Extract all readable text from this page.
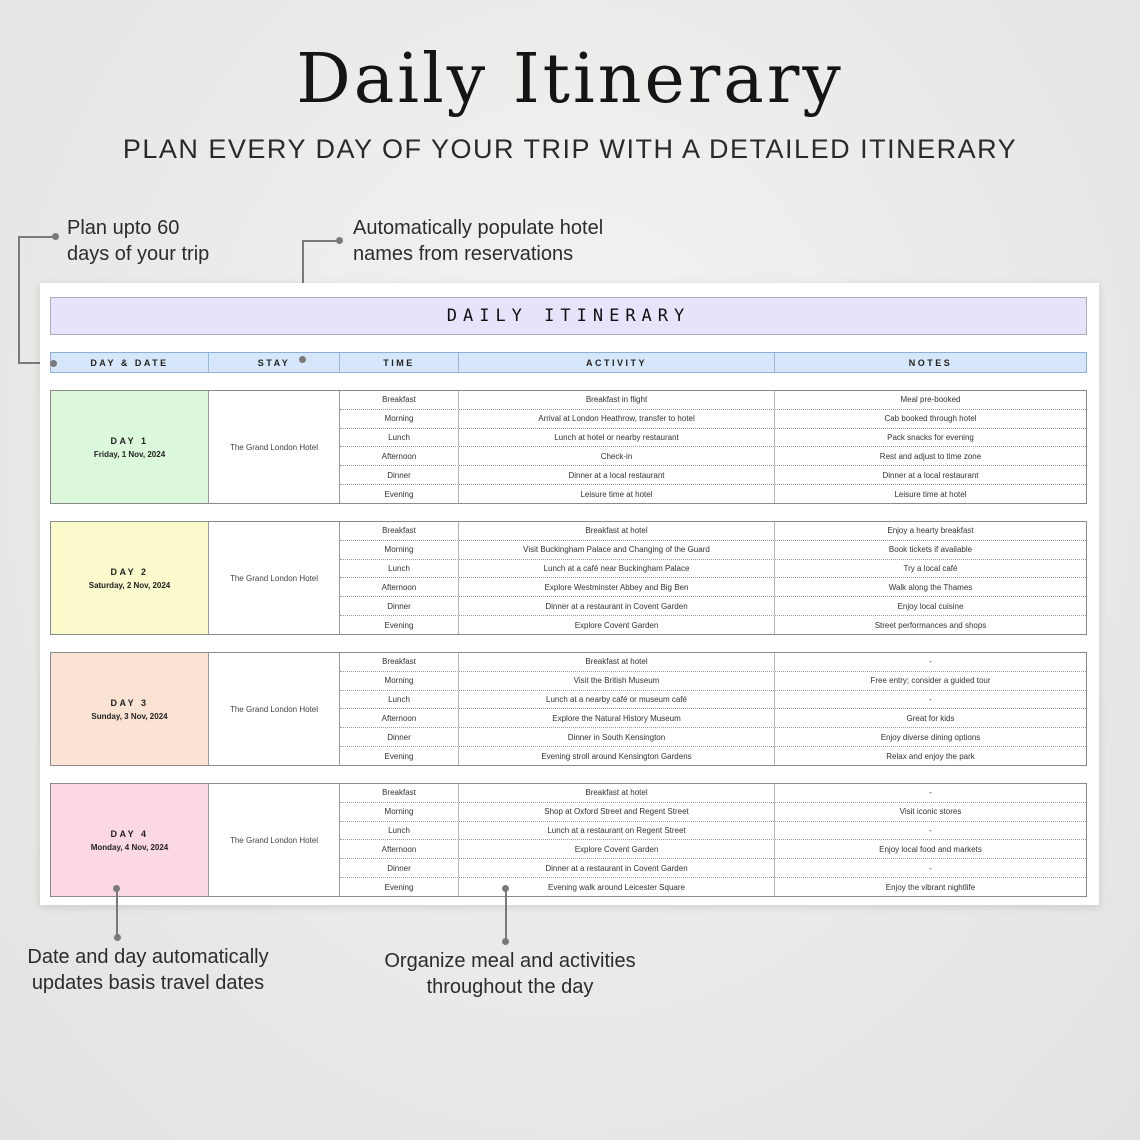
Daily Itinerary
PLAN EVERY DAY OF YOUR TRIP WITH A DETAILED ITINERARY
Plan upto 60
days of your trip
Automatically populate hotel
names from reservations
Date and day automatically
updates basis travel dates
Organize meal and activities
throughout the day
DAILY ITINERARY
DAY & DATE	STAY	TIME	ACTIVITY	NOTES
DAY 1
Friday, 1 Nov, 2024
The Grand London Hotel
Breakfast	Breakfast in flight	Meal pre-booked
Morning	Arrival at London Heathrow, transfer to hotel	Cab booked through hotel
Lunch	Lunch at hotel or nearby restaurant	Pack snacks for evening
Afternoon	Check-in	Rest and adjust to time zone
Dinner	Dinner at a local restaurant	Dinner at a local restaurant
Evening	Leisure time at hotel	Leisure time at hotel
DAY 2
Saturday, 2 Nov, 2024
The Grand London Hotel
Breakfast	Breakfast at hotel	Enjoy a hearty breakfast
Morning	Visit Buckingham Palace and Changing of the Guard	Book tickets if available
Lunch	Lunch at a café near Buckingham Palace	Try a local café
Afternoon	Explore Westminster Abbey and Big Ben	Walk along the Thames
Dinner	Dinner at a restaurant in Covent Garden	Enjoy local cuisine
Evening	Explore Covent Garden	Street performances and shops
DAY 3
Sunday, 3 Nov, 2024
The Grand London Hotel
Breakfast	Breakfast at hotel	-
Morning	Visit the British Museum	Free entry; consider a guided tour
Lunch	Lunch at a nearby café or museum café	-
Afternoon	Explore the Natural History Museum	Great for kids
Dinner	Dinner in South Kensington	Enjoy diverse dining options
Evening	Evening stroll around Kensington Gardens	Relax and enjoy the park
DAY 4
Monday, 4 Nov, 2024
The Grand London Hotel
Breakfast	Breakfast at hotel	-
Morning	Shop at Oxford Street and Regent Street	Visit iconic stores
Lunch	Lunch at a restaurant on Regent Street	-
Afternoon	Explore Covent Garden	Enjoy local food and markets
Dinner	Dinner at a restaurant in Covent Garden	-
Evening	Evening walk around Leicester Square	Enjoy the vibrant nightlife
